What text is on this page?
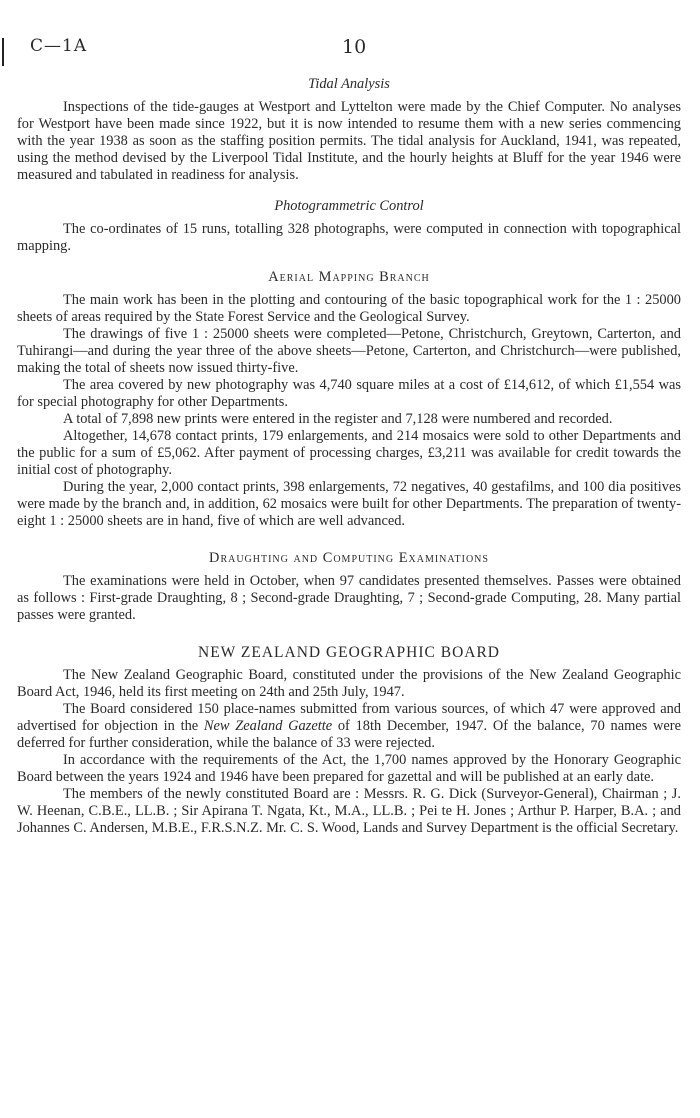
C—1A	10
Tidal Analysis

Inspections of the tide-gauges at Westport and Lyttelton were made by the Chief Computer. No analyses for Westport have been made since 1922, but it is now intended to resume them with a new series commencing with the year 1938 as soon as the staffing position permits. The tidal analysis for Auckland, 1941, was repeated, using the method devised by the Liverpool Tidal Institute, and the hourly heights at Bluff for the year 1946 were measured and tabulated in readiness for analysis.

Photogrammetric Control

The co-ordinates of 15 runs, totalling 328 photographs, were computed in connection with topographical mapping.

Aerial Mapping Branch

The main work has been in the plotting and contouring of the basic topographical work for the 1 : 25000 sheets of areas required by the State Forest Service and the Geological Survey.

The drawings of five 1 : 25000 sheets were completed—Petone, Christchurch, Greytown, Carterton, and Tuhirangi—and during the year three of the above sheets—Petone, Carterton, and Christchurch—were published, making the total of sheets now issued thirty-five.

The area covered by new photography was 4,740 square miles at a cost of £14,612, of which £1,554 was for special photography for other Departments.

A total of 7,898 new prints were entered in the register and 7,128 were numbered and recorded.

Altogether, 14,678 contact prints, 179 enlargements, and 214 mosaics were sold to other Departments and the public for a sum of £5,062. After payment of processing charges, £3,211 was available for credit towards the initial cost of photography.

During the year, 2,000 contact prints, 398 enlargements, 72 negatives, 40 gestafilms, and 100 dia positives were made by the branch and, in addition, 62 mosaics were built for other Departments. The preparation of twenty-eight 1 : 25000 sheets are in hand, five of which are well advanced.

Draughting and Computing Examinations

The examinations were held in October, when 97 candidates presented themselves. Passes were obtained as follows : First-grade Draughting, 8 ; Second-grade Draughting, 7 ; Second-grade Computing, 28. Many partial passes were granted.

NEW ZEALAND GEOGRAPHIC BOARD

The New Zealand Geographic Board, constituted under the provisions of the New Zealand Geographic Board Act, 1946, held its first meeting on 24th and 25th July, 1947.

The Board considered 150 place-names submitted from various sources, of which 47 were approved and advertised for objection in the New Zealand Gazette of 18th December, 1947. Of the balance, 70 names were deferred for further consideration, while the balance of 33 were rejected.

In accordance with the requirements of the Act, the 1,700 names approved by the Honorary Geographic Board between the years 1924 and 1946 have been prepared for gazettal and will be published at an early date.

The members of the newly constituted Board are : Messrs. R. G. Dick (Surveyor-General), Chairman ; J. W. Heenan, C.B.E., LL.B. ; Sir Apirana T. Ngata, Kt., M.A., LL.B. ; Pei te H. Jones ; Arthur P. Harper, B.A. ; and Johannes C. Andersen, M.B.E., F.R.S.N.Z. Mr. C. S. Wood, Lands and Survey Department is the official Secretary.
